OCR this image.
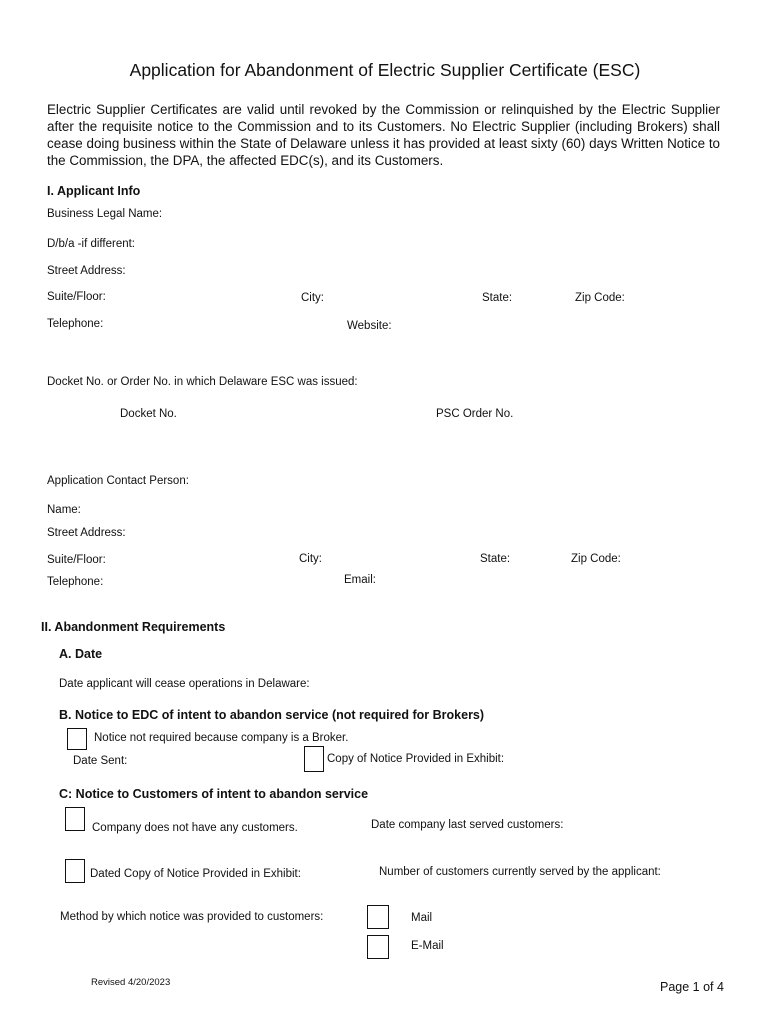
Application for Abandonment of Electric Supplier Certificate (ESC)
Electric Supplier Certificates are valid until revoked by the Commission or relinquished by the Electric Supplier after the requisite notice to the Commission and to its Customers. No Electric Supplier (including Brokers) shall cease doing business within the State of Delaware unless it has provided at least sixty (60) days Written Notice to the Commission, the DPA, the affected EDC(s), and its Customers.
I. Applicant Info
Business Legal Name:
D/b/a -if different:
Street Address:
Suite/Floor:	City:	State:	Zip Code:
Telephone:	Website:
Docket No. or Order No. in which Delaware ESC was issued:
Docket No.	PSC Order No.
Application Contact Person:
Name:
Street Address:
Suite/Floor:	City:	State:	Zip Code:
Telephone:	Email:
II. Abandonment Requirements
A. Date
Date applicant will cease operations in Delaware:
B. Notice to EDC of intent to abandon service (not required for Brokers)
Notice not required because company is a Broker.
Date Sent:	Copy of Notice Provided in Exhibit:
C: Notice to Customers of intent to abandon service
Company does not have any customers.	Date company last served customers:
Dated Copy of Notice Provided in Exhibit:	Number of customers currently served by the applicant:
Method by which notice was provided to customers:	Mail
E-Mail
Revised 4/20/2023	Page 1 of 4
